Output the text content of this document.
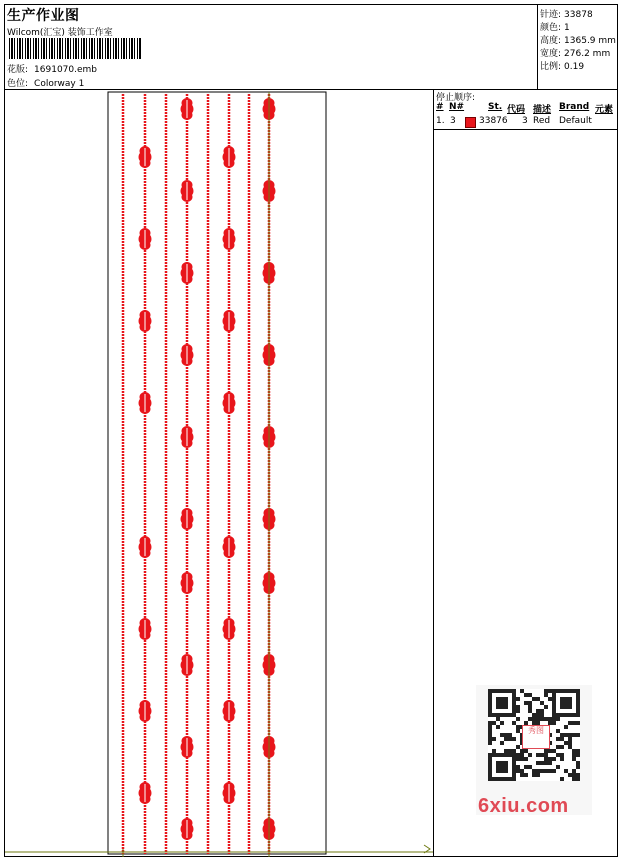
生产作业图
Wilcom(汇宝) 装饰工作室
花版: 1691070.emb
色位: Colorway 1
针迹: 33878
颜色: 1
高度: 1365.9 mm
宽度: 276.2 mm
比例: 0.19
停止顺序:
# N#	St. 代码 描述 Brand 元素
1. 3	33876 3 Red Default
秀图
6xiu.com
